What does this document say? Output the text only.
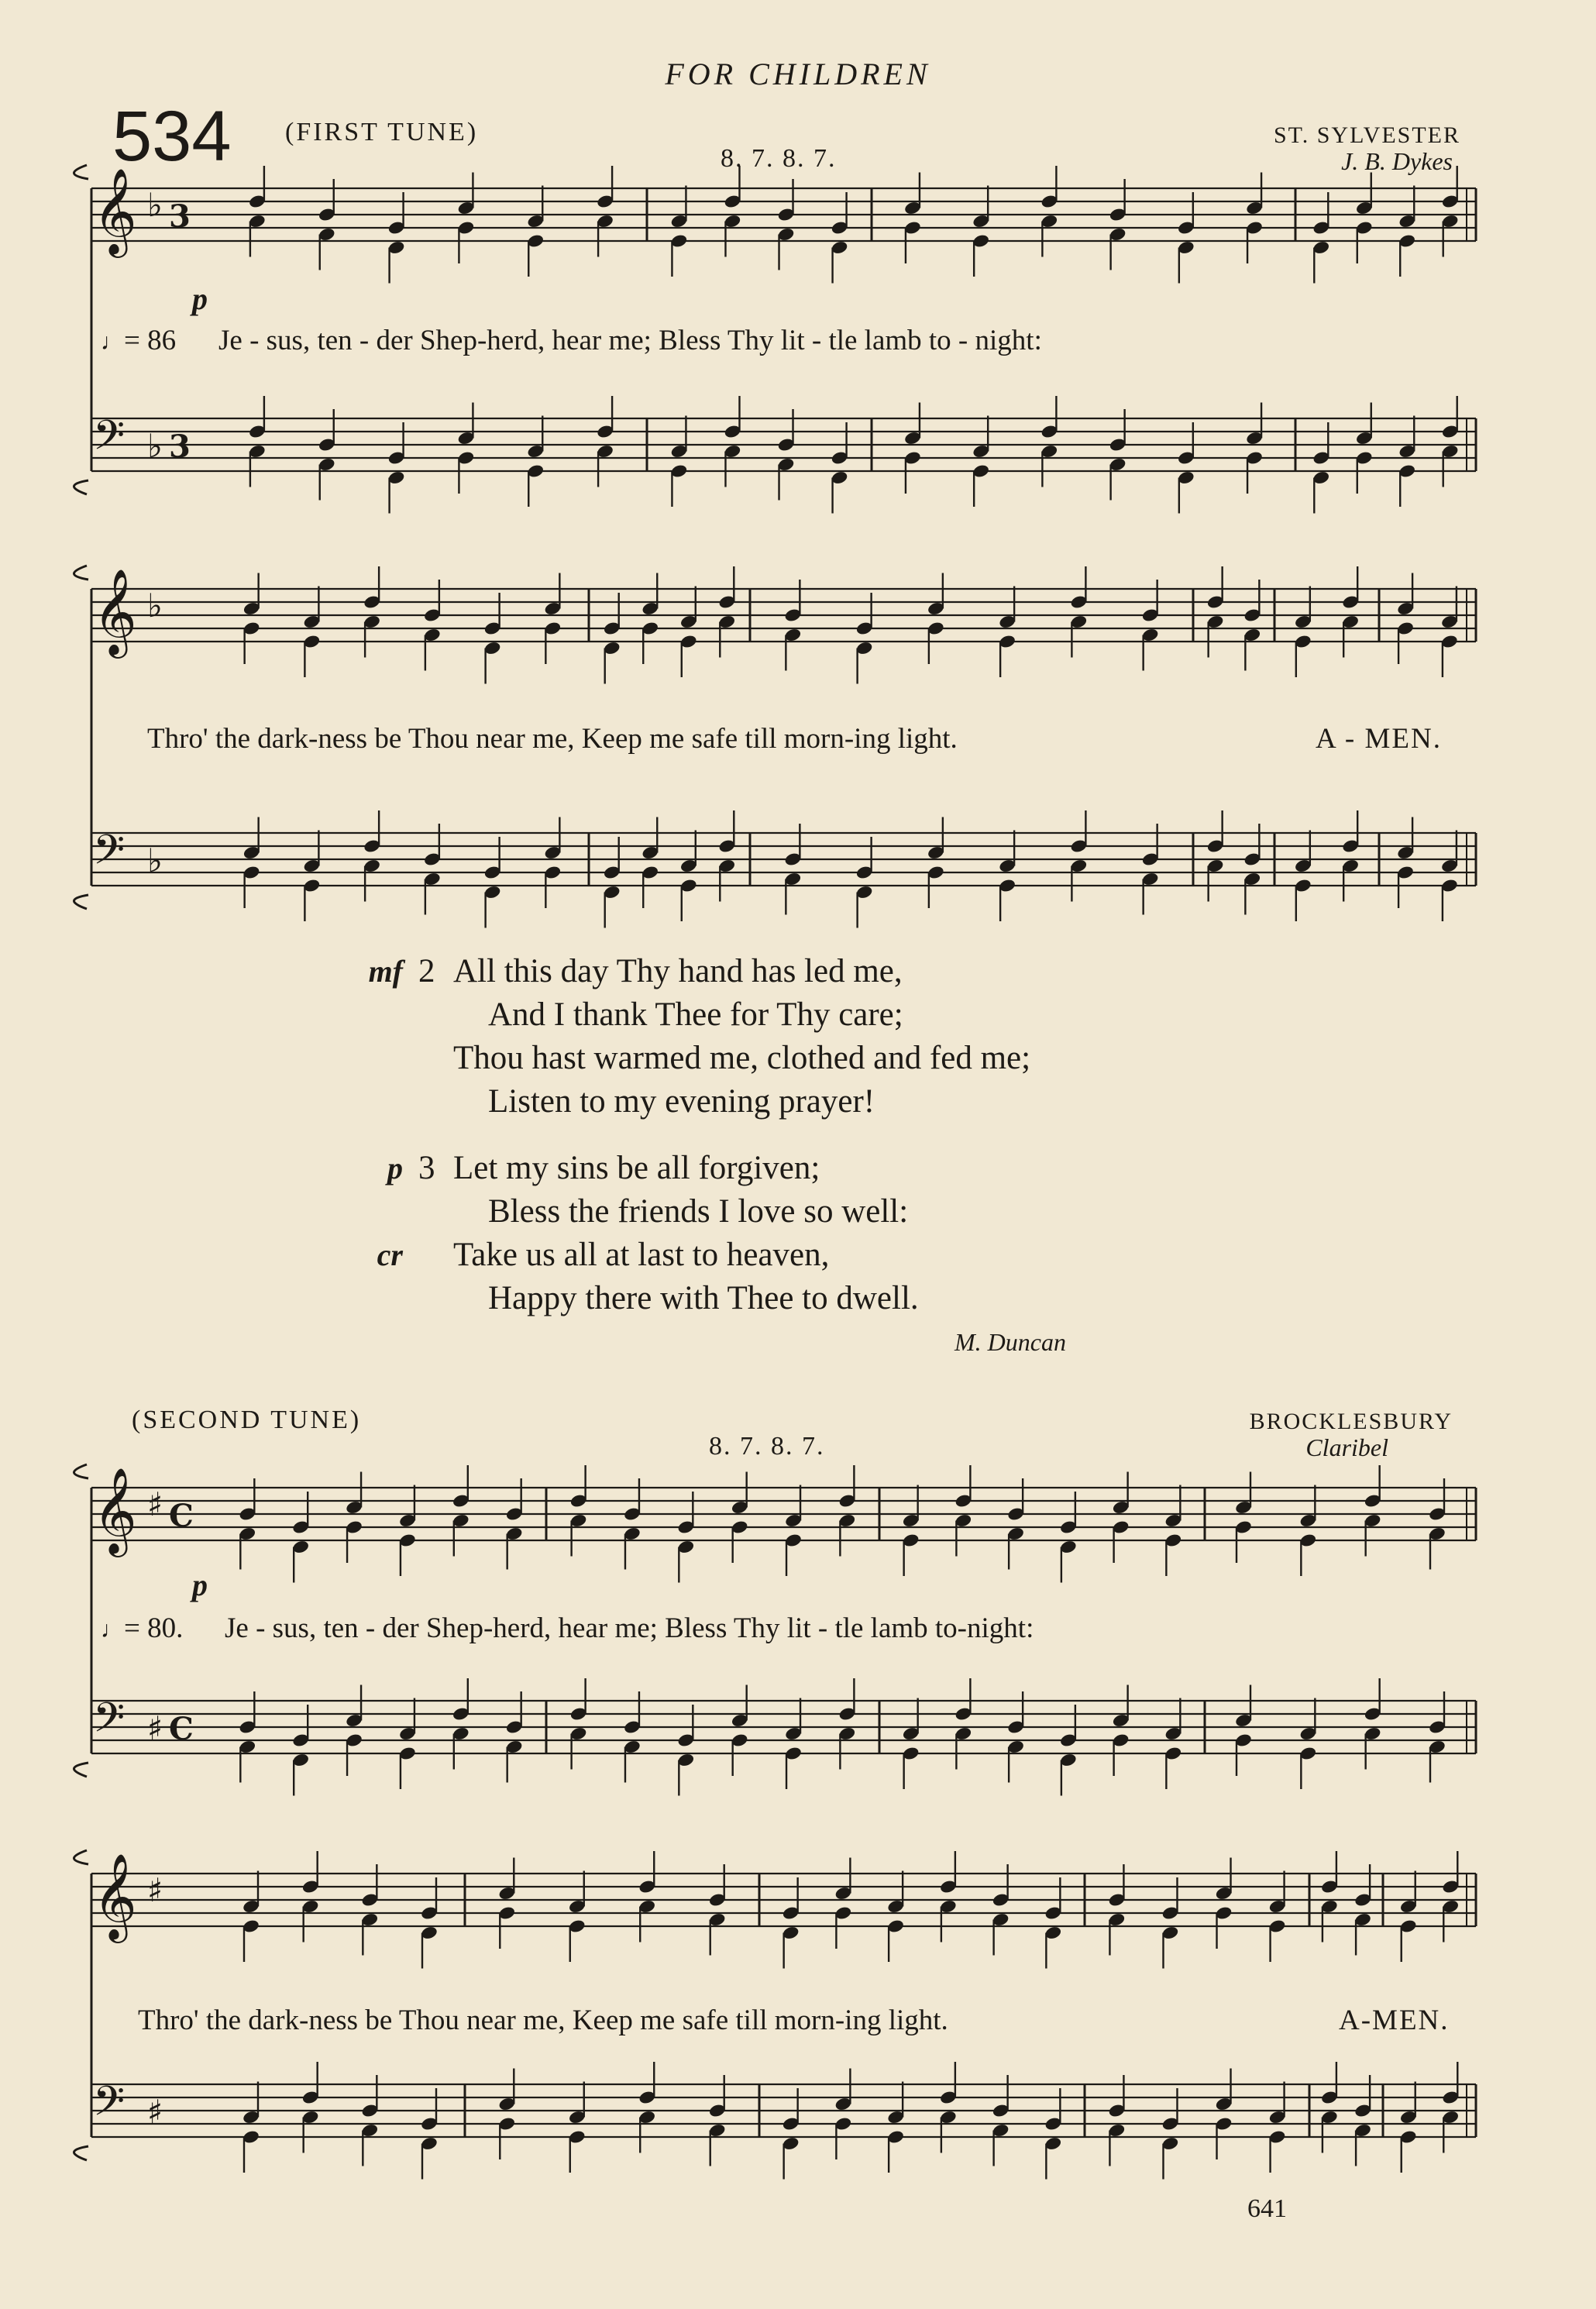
FOR CHILDREN
534 (FIRST TUNE)
8. 7. 8. 7.
ST. SYLVESTER
J. B. Dykes
𝄞 ♭ 3
𝄢 ♭ 3
𝄞 ♭
𝄢 ♭
𝄞 ♯ C
𝄢 ♯ C
𝄞 ♯
𝄢 ♯
p
♩= 86 Je - sus, ten - der Shep-herd, hear me; Bless Thy lit - tle lamb to - night:
Thro' the dark-ness be Thou near me, Keep me safe till morn-ing light.	A - MEN.
mf 2 All this day Thy hand has led me,
And I thank Thee for Thy care;
Thou hast warmed me, clothed and fed me;
Listen to my evening prayer!
p 3 Let my sins be all forgiven;
Bless the friends I love so well:
cr Take us all at last to heaven,
Happy there with Thee to dwell.
M. Duncan
(SECOND TUNE)
8. 7. 8. 7.
BROCKLESBURY
Claribel
p
♩= 80. Je - sus, ten - der Shep-herd, hear me; Bless Thy lit - tle lamb to-night:
Thro' the dark-ness be Thou near me, Keep me safe till morn-ing light.	A-MEN.
641
